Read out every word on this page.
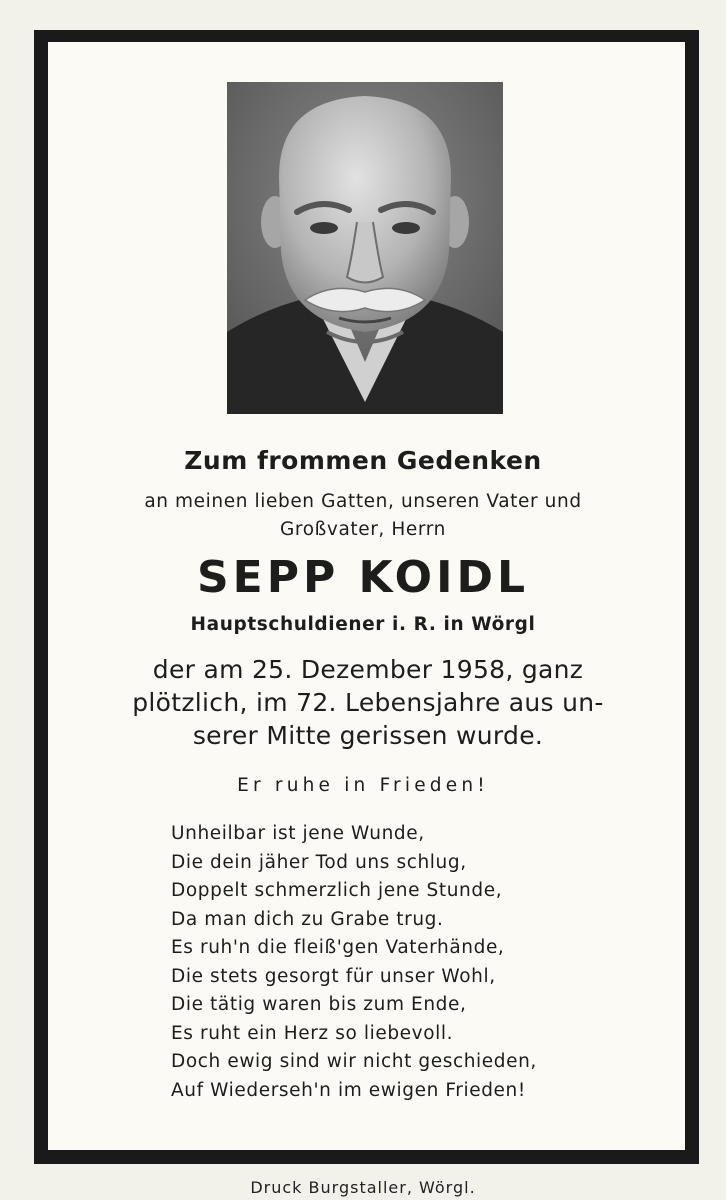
Zum frommen Gedenken
an meinen lieben Gatten, unseren Vater und
Großvater, Herrn
SEPP KOIDL
Hauptschuldiener i. R. in Wörgl
der am 25. Dezember 1958, ganz
plötzlich, im 72. Lebensjahre aus un-
serer Mitte gerissen wurde.
Er ruhe in Frieden!
Unheilbar ist jene Wunde,
Die dein jäher Tod uns schlug,
Doppelt schmerzlich jene Stunde,
Da man dich zu Grabe trug.
Es ruh'n die fleiß'gen Vaterhände,
Die stets gesorgt für unser Wohl,
Die tätig waren bis zum Ende,
Es ruht ein Herz so liebevoll.
Doch ewig sind wir nicht geschieden,
Auf Wiederseh'n im ewigen Frieden!
Druck Burgstaller, Wörgl.
